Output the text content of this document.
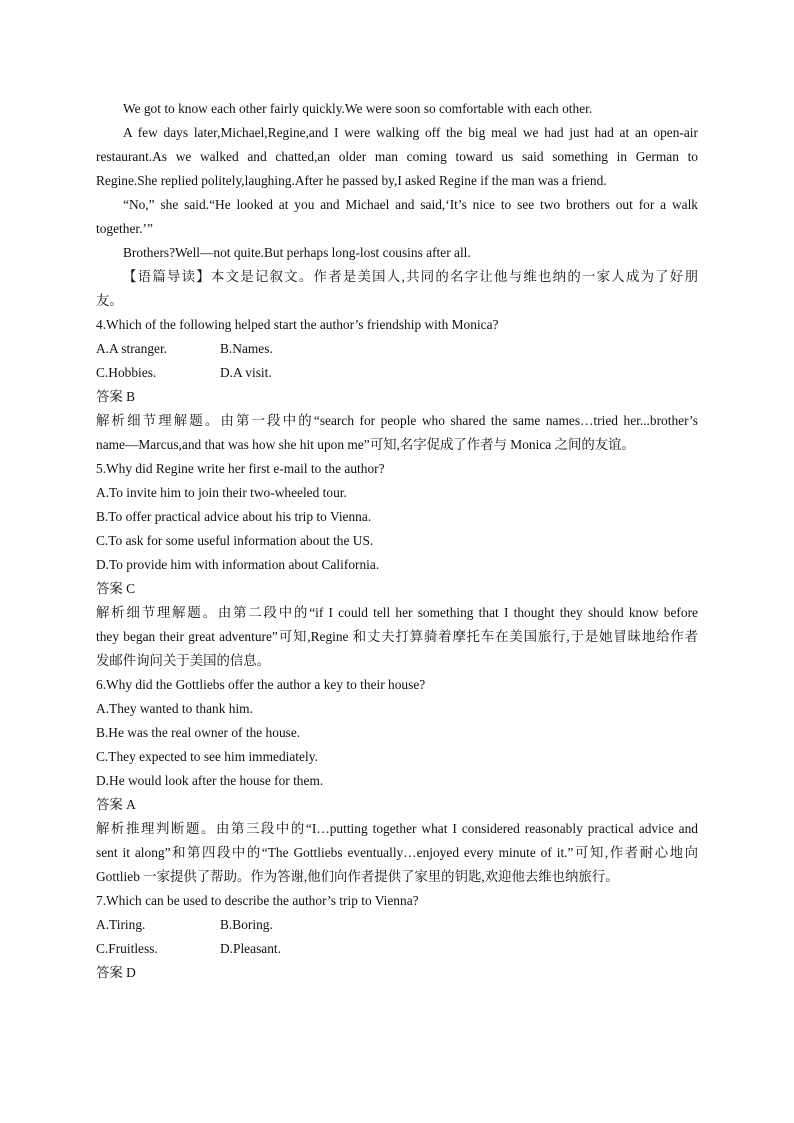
We got to know each other fairly quickly.We were soon so comfortable with each other.
A few days later,Michael,Regine,and I were walking off the big meal we had just had at an open-air
restaurant.As we walked and chatted,an older man coming toward us said something in German to
Regine.She replied politely,laughing.After he passed by,I asked Regine if the man was a friend.
“No,” she said.“He looked at you and Michael and said,‘It’s nice to see two brothers out for a walk
together.’”
Brothers?Well—not quite.But perhaps long-lost cousins after all.
【语篇导读】本文是记叙文。作者是美国人,共同的名字让他与维也纳的一家人成为了好朋
友。
4.Which of the following helped start the author’s friendship with Monica?
A.A stranger.	B.Names.
C.Hobbies.	D.A visit.
答案 B
解析细节理解题。由第一段中的“search for people who shared the same names…tried her...brother’s
name—Marcus,and that was how she hit upon me”可知,名字促成了作者与 Monica 之间的友谊。
5.Why did Regine write her first e-mail to the author?
A.To invite him to join their two-wheeled tour.
B.To offer practical advice about his trip to Vienna.
C.To ask for some useful information about the US.
D.To provide him with information about California.
答案 C
解析细节理解题。由第二段中的“if I could tell her something that I thought they should know before
they began their great adventure”可知,Regine 和丈夫打算骑着摩托车在美国旅行,于是她冒昧地给作者
发邮件询问关于美国的信息。
6.Why did the Gottliebs offer the author a key to their house?
A.They wanted to thank him.
B.He was the real owner of the house.
C.They expected to see him immediately.
D.He would look after the house for them.
答案 A
解析推理判断题。由第三段中的“I…putting together what I considered reasonably practical advice and
sent it along”和第四段中的“The Gottliebs eventually…enjoyed every minute of it.”可知,作者耐心地向
Gottlieb 一家提供了帮助。作为答谢,他们向作者提供了家里的钥匙,欢迎他去维也纳旅行。
7.Which can be used to describe the author’s trip to Vienna?
A.Tiring.	B.Boring.
C.Fruitless.	D.Pleasant.
答案 D
